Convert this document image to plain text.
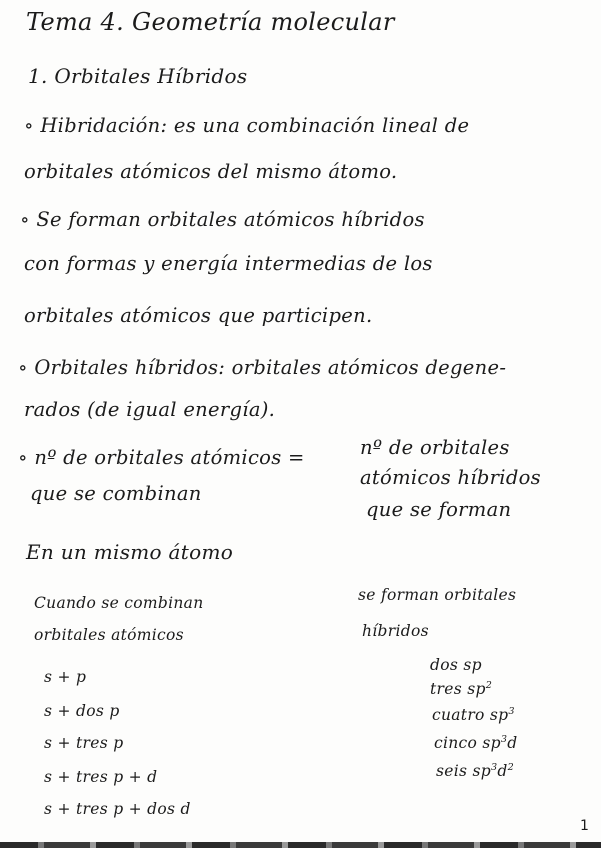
Tema 4. Geometría molecular
1. Orbitales Híbridos
∘ Hibridación: es una combinación lineal de
orbitales atómicos del mismo átomo.
∘ Se forman orbitales atómicos híbridos
con formas y energía intermedias de los
orbitales atómicos que participen.
∘ Orbitales híbridos: orbitales atómicos degene-
rados (de igual energía).
∘ nº de orbitales atómicos =
que se combinan
nº de orbitales
atómicos híbridos
que se forman
En un mismo átomo
Cuando se combinan
orbitales atómicos
se forman orbitales
híbridos
s + p
s + dos p
s + tres p
s + tres p + d
s + tres p + dos d
dos sp
tres $sp^2$
cuatro $sp^3$
cinco $sp^3d$
seis $sp^3d^2$
1
